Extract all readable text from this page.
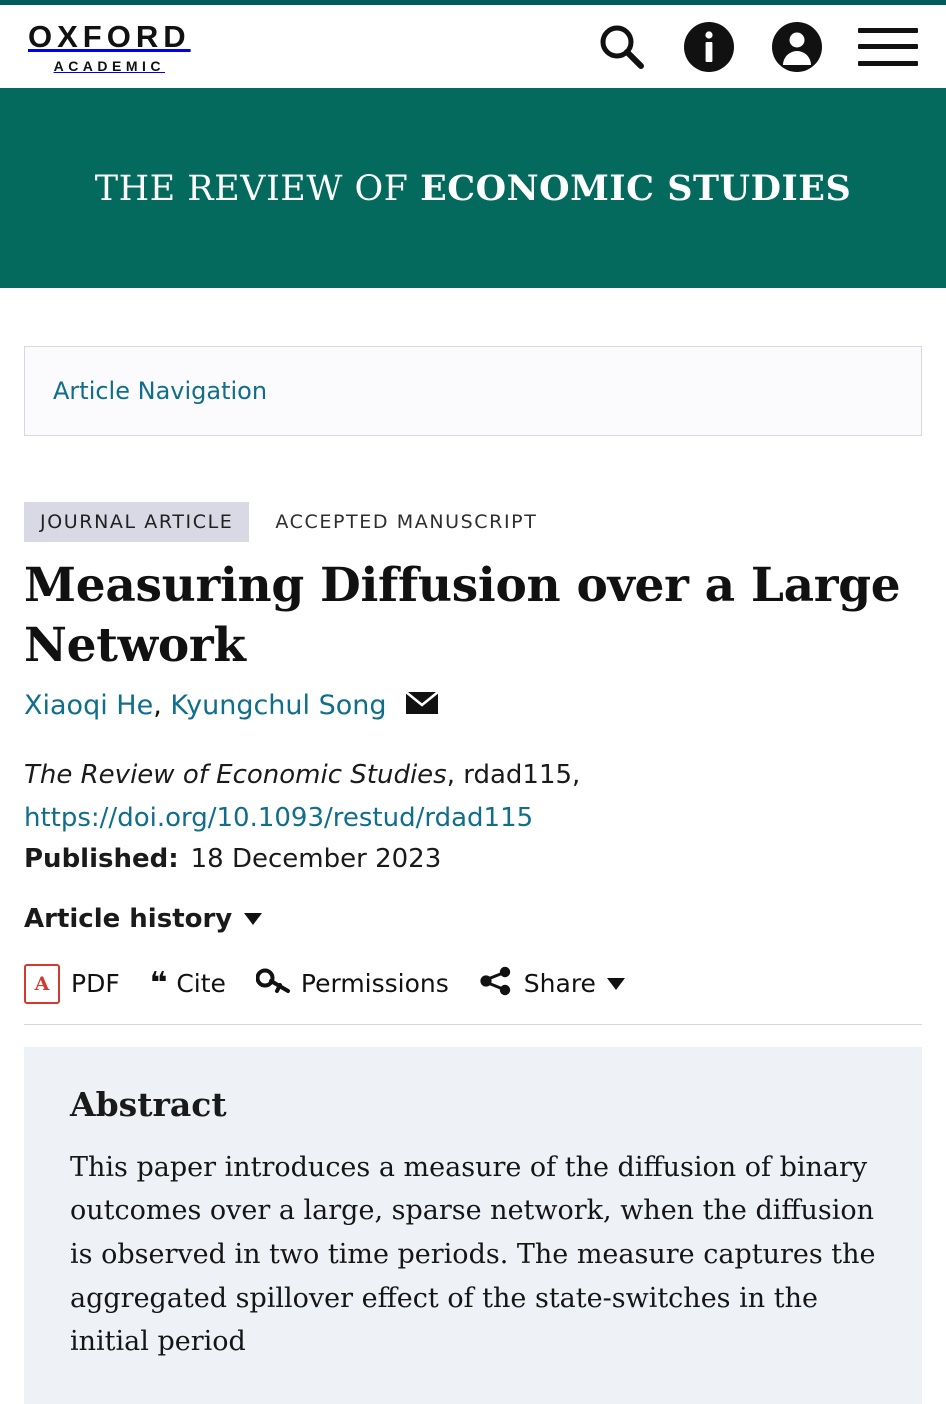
OXFORD
ACADEMIC
THE REVIEW OF ECONOMIC STUDIES
Article Navigation
JOURNAL ARTICLE	ACCEPTED MANUSCRIPT
Measuring Diffusion over a Large Network
Xiaoqi He, Kyungchul Song
The Review of Economic Studies, rdad115,
https://doi.org/10.1093/restud/rdad115
Published: 18 December 2023
Article history
A PDF ❝ Cite	Permissions	Share
Abstract

This paper introduces a measure of the diffusion of binary outcomes over a large, sparse network, when the diffusion is observed in two time periods. The measure captures the aggregated spillover effect of the state-switches in the initial period
